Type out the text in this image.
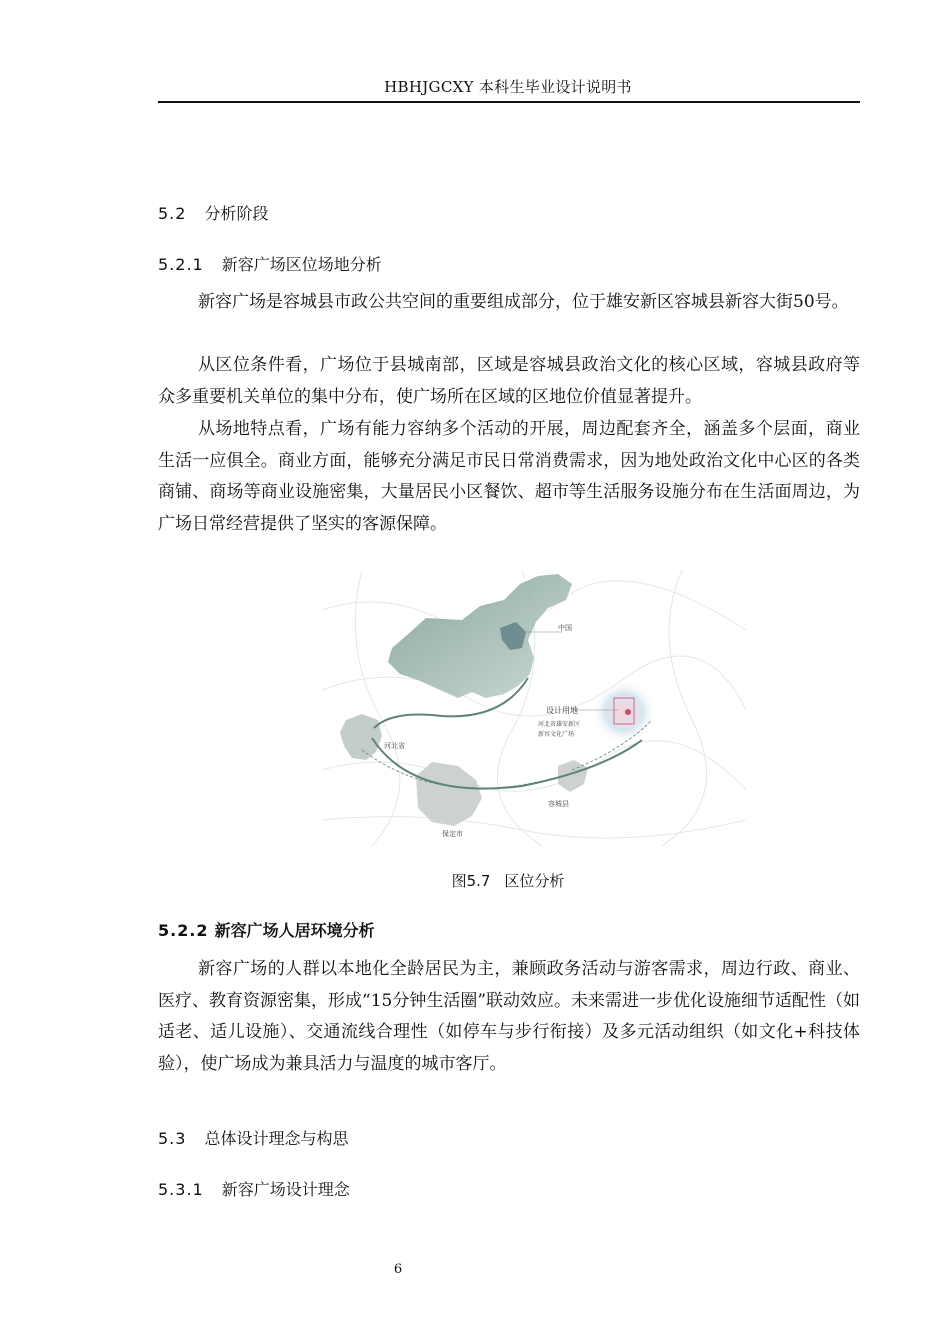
HBHJGCXY 本科生毕业设计说明书
5.2 分析阶段
5.2.1 新容广场区位场地分析

新容广场是容城县市政公共空间的重要组成部分，位于雄安新区容城县新容大街50号。

从区位条件看，广场位于县城南部，区域是容城县政治文化的核心区域，容城县政府等众多重要机关单位的集中分布，使广场所在区域的区地位价值显著提升。

从场地特点看，广场有能力容纳多个活动的开展，周边配套齐全，涵盖多个层面，商业生活一应俱全。商业方面，能够充分满足市民日常消费需求，因为地处政治文化中心区的各类商铺、商场等商业设施密集，大量居民小区餐饮、超市等生活服务设施分布在生活面周边，为广场日常经营提供了坚实的客源保障。

中国
设计用地
河北省雄安新区
新容文化广场
河北省
保定市
容城县
图5.7 区位分析
5.2.2 新容广场人居环境分析

新容广场的人群以本地化全龄居民为主，兼顾政务活动与游客需求，周边行政、商业、医疗、教育资源密集，形成“15分钟生活圈”联动效应。未来需进一步优化设施细节适配性（如适老、适儿设施）、交通流线合理性（如停车与步行衔接）及多元活动组织（如文化+科技体验），使广场成为兼具活力与温度的城市客厅。

5.3 总体设计理念与构思
5.3.1 新容广场设计理念
6
